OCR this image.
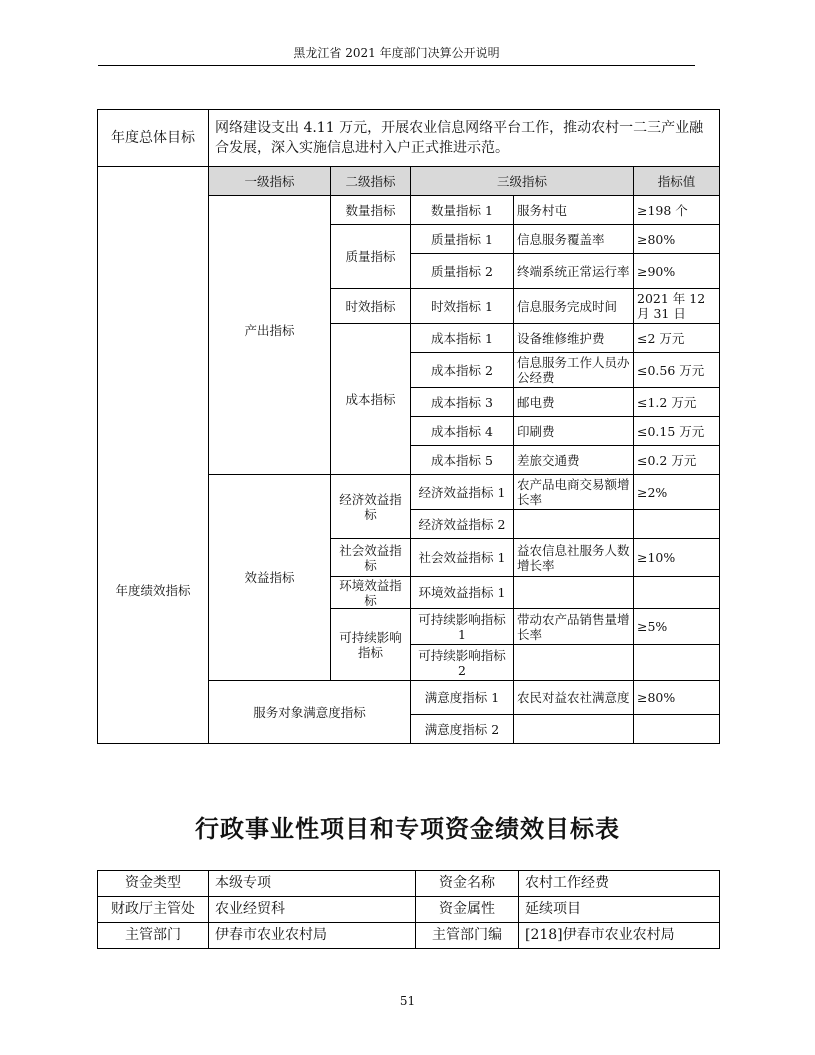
黑龙江省 2021 年度部门决算公开说明
年度总体目标	网络建设支出 4.11 万元，开展农业信息网络平台工作，推动农村一二三产业融合发展，深入实施信息进村入户正式推进示范。				
年度绩效指标	一级指标	二级指标	三级指标		指标值
	产出指标	数量指标	数量指标 1	服务村屯	≥198 个
		质量指标	质量指标 1	信息服务覆盖率	≥80%
			质量指标 2	终端系统正常运行率	≥90%
		时效指标	时效指标 1	信息服务完成时间	2021 年 12 月 31 日
		成本指标	成本指标 1	设备维修维护费	≤2 万元
			成本指标 2	信息服务工作人员办公经费	≤0.56 万元
			成本指标 3	邮电费	≤1.2 万元
			成本指标 4	印刷费	≤0.15 万元
			成本指标 5	差旅交通费	≤0.2 万元
	效益指标	经济效益指标	经济效益指标 1	农产品电商交易额增长率	≥2%
			经济效益指标 2		
		社会效益指标	社会效益指标 1	益农信息社服务人数增长率	≥10%
		环境效益指标	环境效益指标 1		
		可持续影响指标	可持续影响指标 1	带动农产品销售量增长率	≥5%
			可持续影响指标 2		
	服务对象满意度指标		满意度指标 1	农民对益农社满意度	≥80%
			满意度指标 2		
行政事业性项目和专项资金绩效目标表
资金类型	本级专项	资金名称	农村工作经费
财政厅主管处	农业经贸科	资金属性	延续项目
主管部门	伊春市农业农村局	主管部门编	[218]伊春市农业农村局
51
